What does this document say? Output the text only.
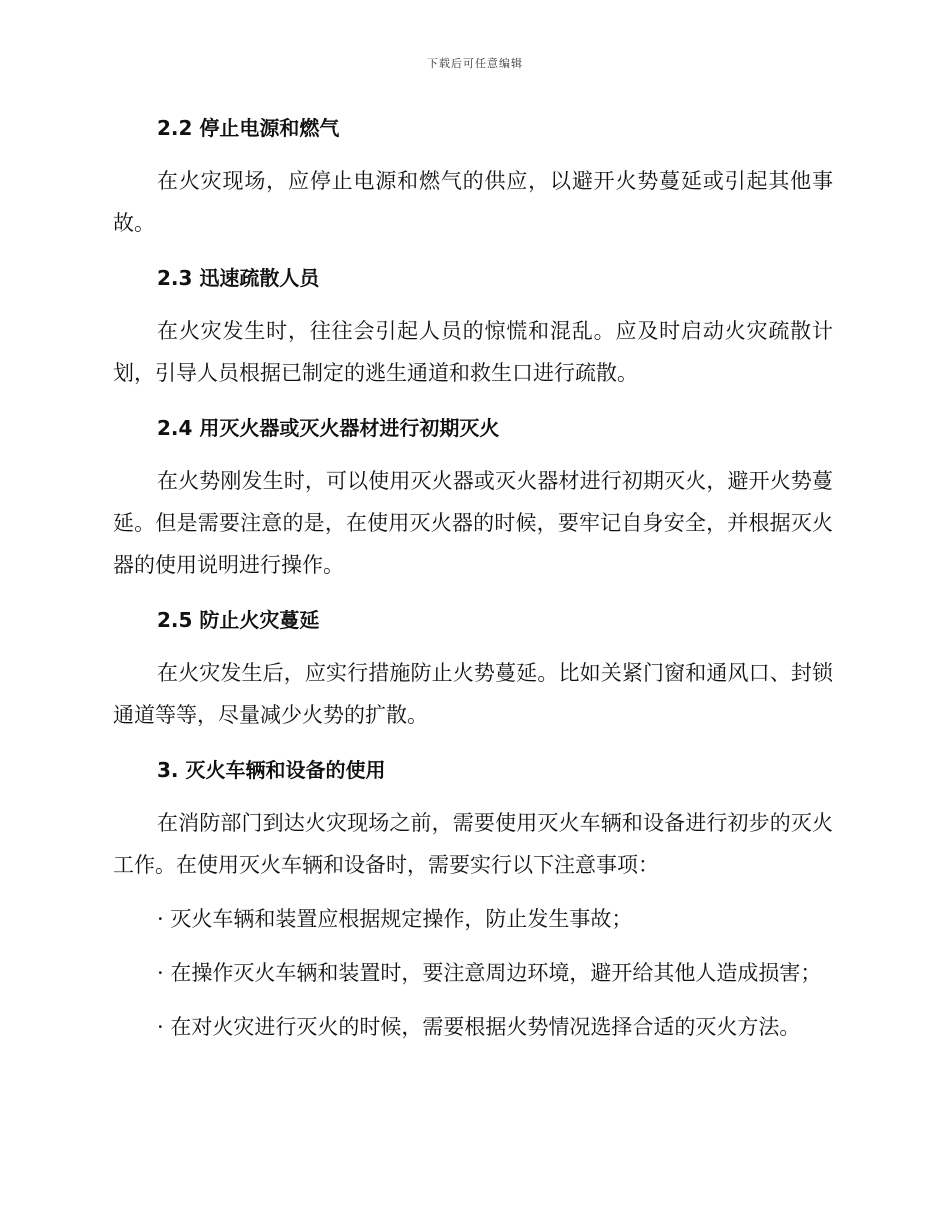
下载后可任意编辑
2.2 停止电源和燃气

在火灾现场，应停止电源和燃气的供应，以避开火势蔓延或引起其他事故。

2.3 迅速疏散人员

在火灾发生时，往往会引起人员的惊慌和混乱。应及时启动火灾疏散计划，引导人员根据已制定的逃生通道和救生口进行疏散。

2.4 用灭火器或灭火器材进行初期灭火

在火势刚发生时，可以使用灭火器或灭火器材进行初期灭火，避开火势蔓延。但是需要注意的是，在使用灭火器的时候，要牢记自身安全，并根据灭火器的使用说明进行操作。

2.5 防止火灾蔓延

在火灾发生后，应实行措施防止火势蔓延。比如关紧门窗和通风口、封锁通道等等，尽量减少火势的扩散。

3. 灭火车辆和设备的使用

在消防部门到达火灾现场之前，需要使用灭火车辆和设备进行初步的灭火工作。在使用灭火车辆和设备时，需要实行以下注意事项：

· 灭火车辆和装置应根据规定操作，防止发生事故；

· 在操作灭火车辆和装置时，要注意周边环境，避开给其他人造成损害；

· 在对火灾进行灭火的时候，需要根据火势情况选择合适的灭火方法。
